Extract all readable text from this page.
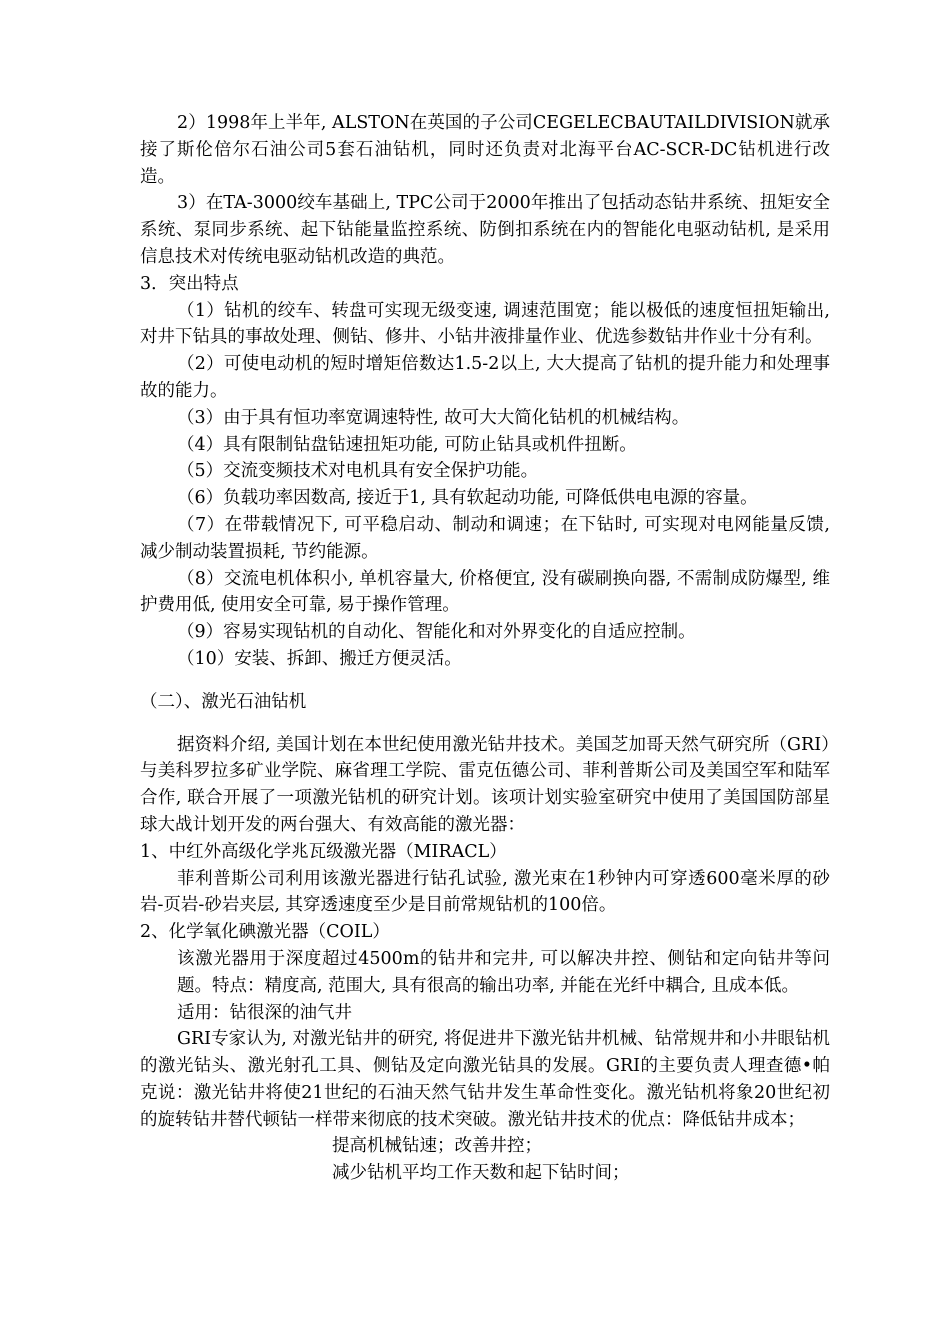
2）1998年上半年, ALSTON在英国的子公司CEGELECBAUTAILDIVISION就承接了斯伦倍尔石油公司5套石油钻机，同时还负责对北海平台AC-SCR-DC钻机进行改造。

3）在TA-3000绞车基础上, TPC公司于2000年推出了包括动态钻井系统、扭矩安全系统、泵同步系统、起下钻能量监控系统、防倒扣系统在内的智能化电驱动钻机, 是采用信息技术对传统电驱动钻机改造的典范。

3．突出特点

（1）钻机的绞车、转盘可实现无级变速, 调速范围宽；能以极低的速度恒扭矩输出, 对井下钻具的事故处理、侧钻、修井、小钻井液排量作业、优选参数钻井作业十分有利。

（2）可使电动机的短时增矩倍数达1.5-2以上, 大大提高了钻机的提升能力和处理事故的能力。

（3）由于具有恒功率宽调速特性, 故可大大简化钻机的机械结构。

（4）具有限制钻盘钻速扭矩功能, 可防止钻具或机件扭断。

（5）交流变频技术对电机具有安全保护功能。

（6）负载功率因数高, 接近于1, 具有软起动功能, 可降低供电电源的容量。

（7）在带载情况下, 可平稳启动、制动和调速；在下钻时, 可实现对电网能量反馈, 减少制动装置损耗, 节约能源。

（8）交流电机体积小, 单机容量大, 价格便宜, 没有碳刷换向器, 不需制成防爆型, 维护费用低, 使用安全可靠, 易于操作管理。

（9）容易实现钻机的自动化、智能化和对外界变化的自适应控制。

（10）安装、拆卸、搬迁方便灵活。

（二）、激光石油钻机

据资料介绍, 美国计划在本世纪使用激光钻井技术。美国芝加哥天然气研究所（GRI）与美科罗拉多矿业学院、麻省理工学院、雷克伍德公司、菲利普斯公司及美国空军和陆军合作, 联合开展了一项激光钻机的研究计划。该项计划实验室研究中使用了美国国防部星球大战计划开发的两台强大、有效高能的激光器：

1、中红外高级化学兆瓦级激光器（MIRACL）

菲利普斯公司利用该激光器进行钻孔试验, 激光束在1秒钟内可穿透600毫米厚的砂岩-页岩-砂岩夹层, 其穿透速度至少是目前常规钻机的100倍。

2、化学氧化碘激光器（COIL）

该激光器用于深度超过4500m的钻井和完井, 可以解决井控、侧钻和定向钻井等问题。特点：精度高, 范围大, 具有很高的输出功率, 并能在光纤中耦合, 且成本低。

适用：钻很深的油气井

GRI专家认为, 对激光钻井的研究, 将促进井下激光钻井机械、钻常规井和小井眼钻机的激光钻头、激光射孔工具、侧钻及定向激光钻具的发展。GRI的主要负责人理查德•帕克说：激光钻井将使21世纪的石油天然气钻井发生革命性变化。激光钻机将象20世纪初的旋转钻井替代顿钻一样带来彻底的技术突破。激光钻井技术的优点：降低钻井成本；

提高机械钻速；改善井控；

减少钻机平均工作天数和起下钻时间；
